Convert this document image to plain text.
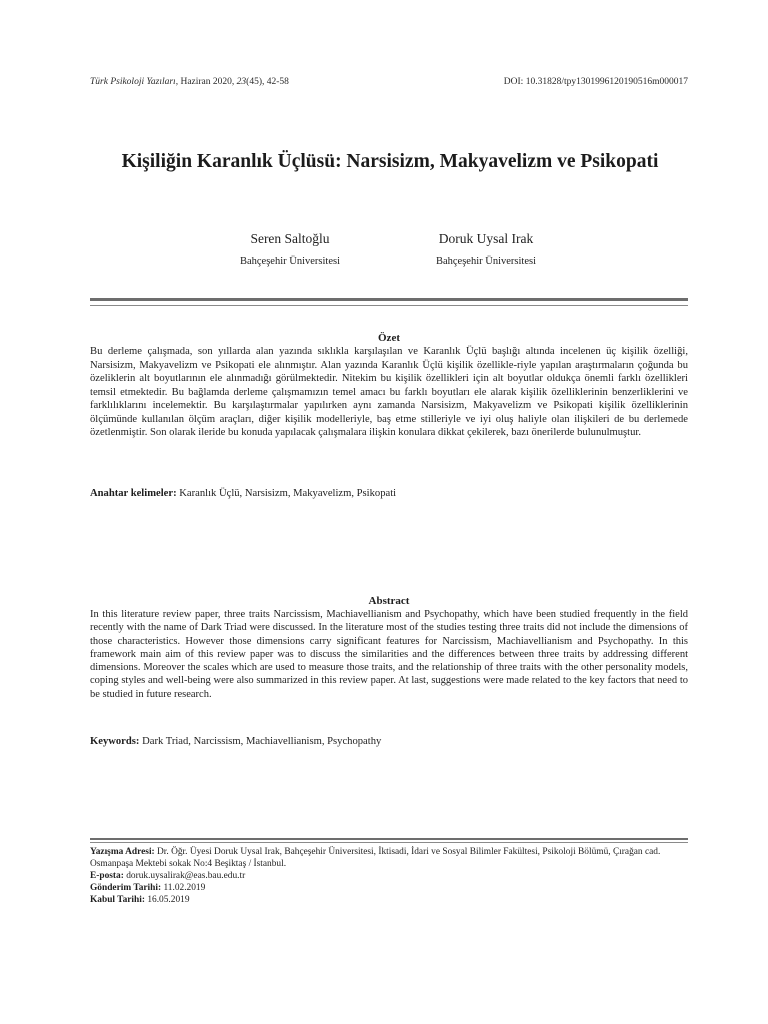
Türk Psikoloji Yazıları, Haziran 2020, 23(45), 42-58	DOI: 10.31828/tpy1301996120190516m000017
Kişiliğin Karanlık Üçlüsü: Narsisizm, Makyavelizm ve Psikopati
Seren Saltoğlu
Bahçeşehir Üniversitesi
Doruk Uysal Irak
Bahçeşehir Üniversitesi
Özet

Bu derleme çalışmada, son yıllarda alan yazında sıklıkla karşılaşılan ve Karanlık Üçlü başlığı altında incelenen üç kişilik özelliği, Narsisizm, Makyavelizm ve Psikopati ele alınmıştır. Alan yazında Karanlık Üçlü kişilik özellikle-riyle yapılan araştırmaların çoğunda bu özeliklerin alt boyutlarının ele alınmadığı görülmektedir. Nitekim bu kişilik özellikleri için alt boyutlar oldukça önemli farklı özellikleri temsil etmektedir. Bu bağlamda derleme çalışmamızın temel amacı bu farklı boyutları ele alarak kişilik özelliklerinin benzerliklerini ve farklılıklarını incelemektir. Bu karşılaştırmalar yapılırken aynı zamanda Narsisizm, Makyavelizm ve Psikopati kişilik özelliklerinin ölçümünde kullanılan ölçüm araçları, diğer kişilik modelleriyle, baş etme stilleriyle ve iyi oluş haliyle olan ilişkileri de bu derlemede özetlenmiştir. Son olarak ileride bu konuda yapılacak çalışmalara ilişkin konulara dikkat çekilerek, bazı önerilerde bulunulmuştur.

Anahtar kelimeler: Karanlık Üçlü, Narsisizm, Makyavelizm, Psikopati

Abstract

In this literature review paper, three traits Narcissism, Machiavellianism and Psychopathy, which have been studied frequently in the field recently with the name of Dark Triad were discussed. In the literature most of the studies testing three traits did not include the dimensions of those characteristics. However those dimensions carry significant features for Narcissism, Machiavellianism and Psychopathy. In this framework main aim of this review paper was to discuss the similarities and the differences between three traits by addressing different dimensions. Moreover the scales which are used to measure those traits, and the relationship of three traits with the other personality models, coping styles and well-being were also summarized in this review paper. At last, suggestions were made related to the key factors that need to be studied in future research.

Keywords: Dark Triad, Narcissism, Machiavellianism, Psychopathy

Yazışma Adresi: Dr. Öğr. Üyesi Doruk Uysal Irak, Bahçeşehir Üniversitesi, İktisadi, İdari ve Sosyal Bilimler Fakültesi, Psikoloji Bölümü, Çırağan cad. Osmanpaşa Mektebi sokak No:4 Beşiktaş / İstanbul.

E-posta: doruk.uysalirak@eas.bau.edu.tr

Gönderim Tarihi: 11.02.2019

Kabul Tarihi: 16.05.2019
